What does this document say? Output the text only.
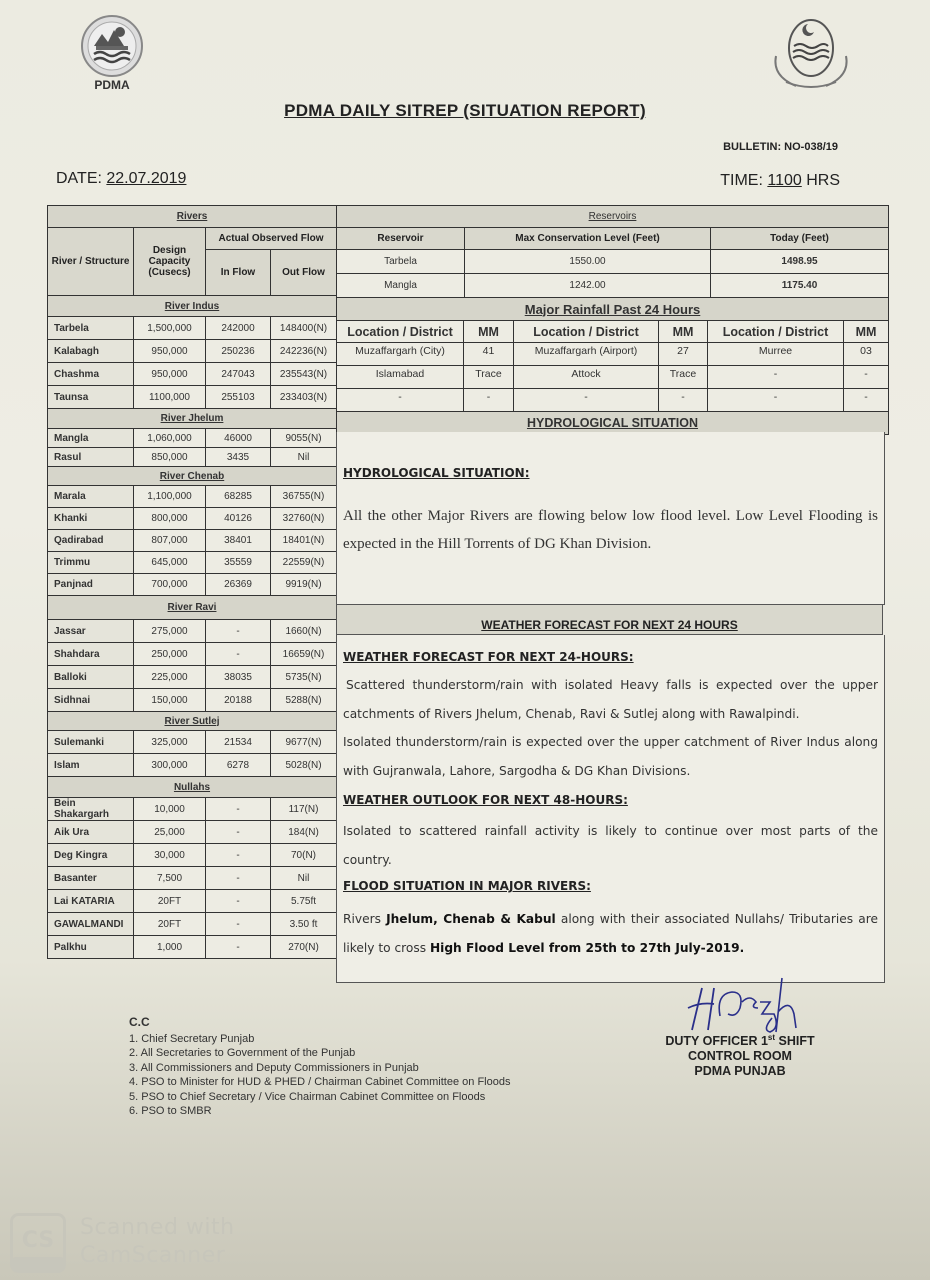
PDMA
PDMA DAILY SITREP (SITUATION REPORT)
BULLETIN: NO-038/19
DATE: 22.07.2019	TIME: 1100 HRS
Rivers			
River / Structure	Design Capacity (Cusecs)	Actual Observed Flow	
		In Flow	Out Flow
River Indus			
Tarbela	1,500,000	242000	148400(N)
Kalabagh	950,000	250236	242236(N)
Chashma	950,000	247043	235543(N)
Taunsa	1100,000	255103	233403(N)
River Jhelum			
Mangla	1,060,000	46000	9055(N)
Rasul	850,000	3435	Nil
River Chenab			
Marala	1,100,000	68285	36755(N)
Khanki	800,000	40126	32760(N)
Qadirabad	807,000	38401	18401(N)
Trimmu	645,000	35559	22559(N)
Panjnad	700,000	26369	9919(N)
River Ravi			
Jassar	275,000	-	1660(N)
Shahdara	250,000	-	16659(N)
Balloki	225,000	38035	5735(N)
Sidhnai	150,000	20188	5288(N)
River Sutlej			
Sulemanki	325,000	21534	9677(N)
Islam	300,000	6278	5028(N)
Nullahs			
Bein Shakargarh	10,000	-	117(N)
Aik Ura	25,000	-	184(N)
Deg Kingra	30,000	-	70(N)
Basanter	7,500	-	Nil
Lai KATARIA	20FT	-	5.75ft
GAWALMANDI	20FT	-	3.50 ft
Palkhu	1,000	-	270(N)
Reservoirs		
Reservoir	Max Conservation Level (Feet)	Today (Feet)
Tarbela	1550.00	1498.95
Mangla	1242.00	1175.40
Major Rainfall Past 24 Hours					
Location / District	MM	Location / District	MM	Location / District	MM
Muzaffargarh (City)	41	Muzaffargarh (Airport)	27	Murree	03
Islamabad	Trace	Attock	Trace	-	-
-	-	-	-	-	-
HYDROLOGICAL SITUATION					
HYDROLOGICAL SITUATION:
All the other Major Rivers are flowing below low flood level. Low Level Flooding is expected in the Hill Torrents of DG Khan Division.
WEATHER FORECAST FOR NEXT 24 HOURS
WEATHER FORECAST FOR NEXT 24-HOURS:
Scattered thunderstorm/rain with isolated Heavy falls is expected over the upper catchments of Rivers Jhelum, Chenab, Ravi & Sutlej along with Rawalpindi.
Isolated thunderstorm/rain is expected over the upper catchment of River Indus along with Gujranwala, Lahore, Sargodha & DG Khan Divisions.
WEATHER OUTLOOK FOR NEXT 48-HOURS:
Isolated to scattered rainfall activity is likely to continue over most parts of the country.
FLOOD SITUATION IN MAJOR RIVERS:
Rivers Jhelum, Chenab & Kabul along with their associated Nullahs/ Tributaries are likely to cross High Flood Level from 25th to 27th July-2019.
C.C
1. Chief Secretary Punjab
2. All Secretaries to Government of the Punjab
3. All Commissioners and Deputy Commissioners in Punjab
4. PSO to Minister for HUD & PHED / Chairman Cabinet Committee on Floods
5. PSO to Chief Secretary / Vice Chairman Cabinet Committee on Floods
6. PSO to SMBR
DUTY OFFICER 1st SHIFT
CONTROL ROOM
PDMA PUNJAB
CS
Scanned with
CamScanner
